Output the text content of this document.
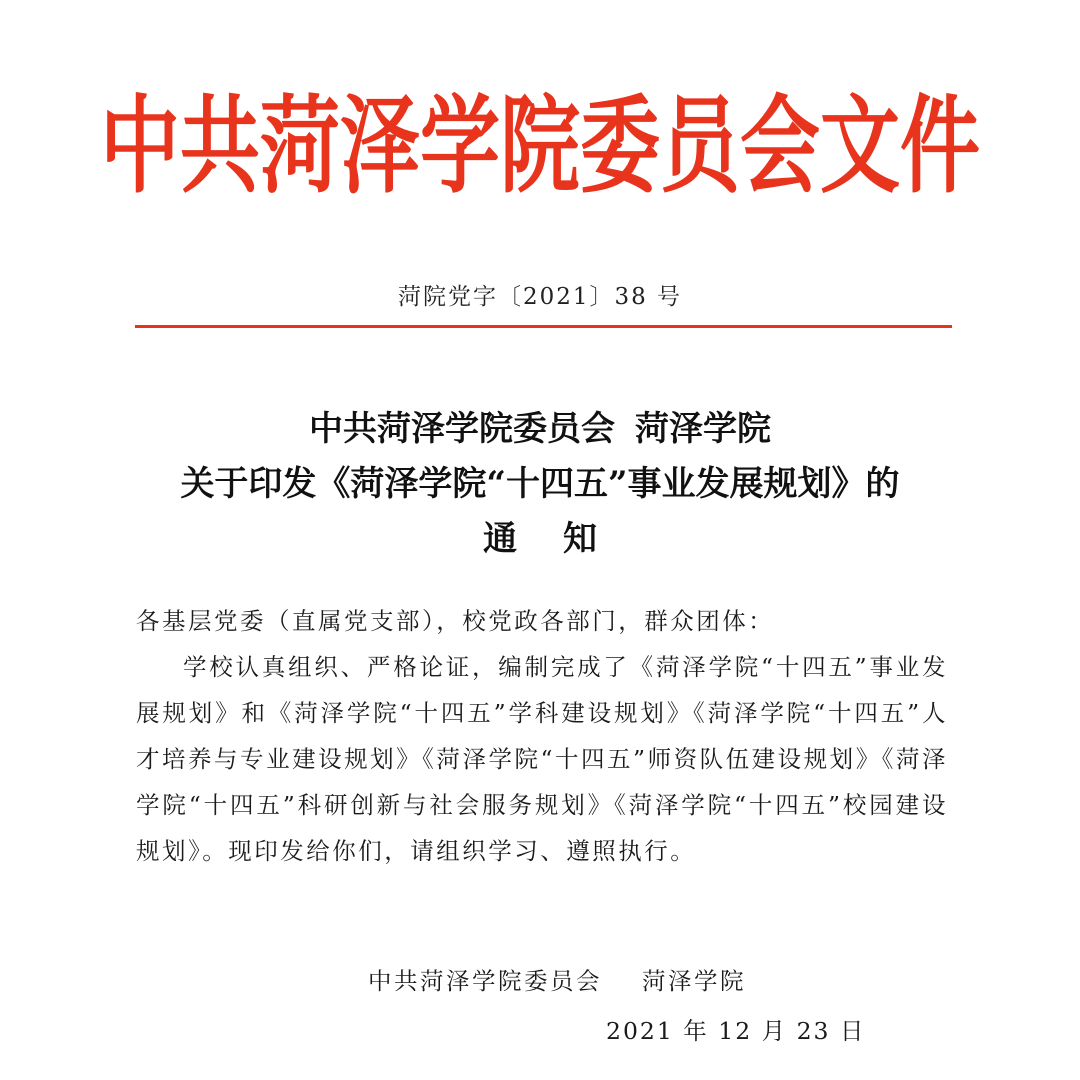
中共菏泽学院委员会文件
菏院党字〔2021〕38 号
中共菏泽学院委员会 菏泽学院
关于印发《菏泽学院“十四五”事业发展规划》的
通 知

各基层党委（直属党支部），校党政各部门，群众团体：

学校认真组织、严格论证，编制完成了《菏泽学院“十四五”事业发展规划》和《菏泽学院“十四五”学科建设规划》《菏泽学院“十四五”人才培养与专业建设规划》《菏泽学院“十四五”师资队伍建设规划》《菏泽学院“十四五”科研创新与社会服务规划》《菏泽学院“十四五”校园建设规划》。现印发给你们，请组织学习、遵照执行。

中共菏泽学院委员会 菏泽学院
2021 年 12 月 23 日
